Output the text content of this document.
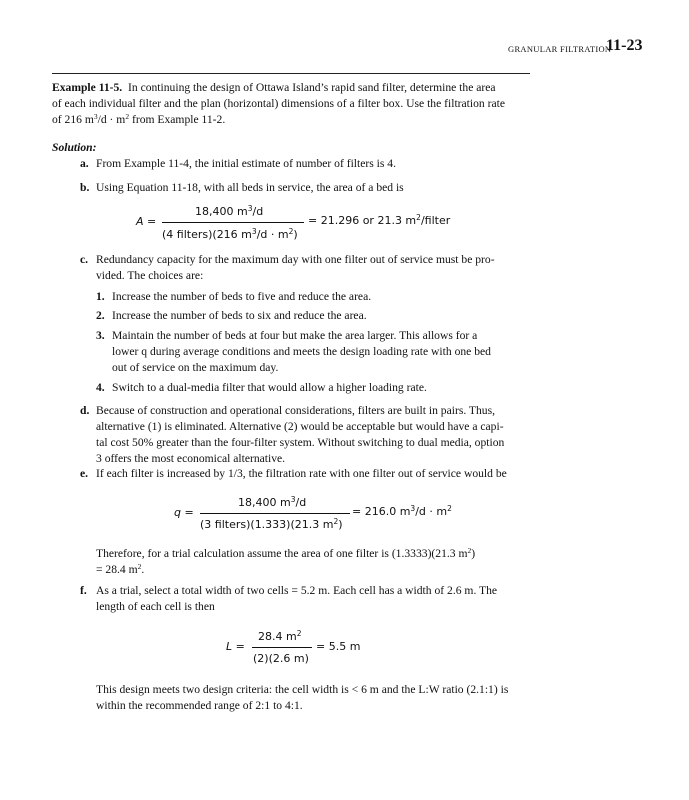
GRANULAR FILTRATION
11-23
Example 11-5. In continuing the design of Ottawa Island’s rapid sand filter, determine the area
of each individual filter and the plan (horizontal) dimensions of a filter box. Use the filtration rate
of 216 $m^3/d \cdot m^2$ from Example 11-2.
Solution:
a. From Example 11-4, the initial estimate of number of filters is 4.
b. Using Equation 11-18, with all beds in service, the area of a bed is
A =
18,400 $m^3/d$
(4 filters)(216 $m^3/d \cdot m^2$)
= 21.296 or 21.3 $m^2$/filter
c. Redundancy capacity for the maximum day with one filter out of service must be pro-
vided. The choices are:
1. Increase the number of beds to five and reduce the area.
2. Increase the number of beds to six and reduce the area.
3. Maintain the number of beds at four but make the area larger. This allows for a
lower q during average conditions and meets the design loading rate with one bed
out of service on the maximum day.
4. Switch to a dual-media filter that would allow a higher loading rate.
d. Because of construction and operational considerations, filters are built in pairs. Thus,
alternative (1) is eliminated. Alternative (2) would be acceptable but would have a capi-
tal cost 50% greater than the four-filter system. Without switching to dual media, option
3 offers the most economical alternative.
e. If each filter is increased by 1/3, the filtration rate with one filter out of service would be
q =
18,400 $m^3/d$
(3 filters)(1.333)(21.3 $m^2$)
= 216.0 $m^3/d \cdot m^2$
Therefore, for a trial calculation assume the area of one filter is (1.3333)(21.3 $m^2$)
= 28.4 $m^2$.
f. As a trial, select a total width of two cells = 5.2 m. Each cell has a width of 2.6 m. The
length of each cell is then
L =
28.4 $m^2$
(2)(2.6 m)
= 5.5 m
This design meets two design criteria: the cell width is < 6 m and the L:W ratio (2.1:1) is
within the recommended range of 2:1 to 4:1.
